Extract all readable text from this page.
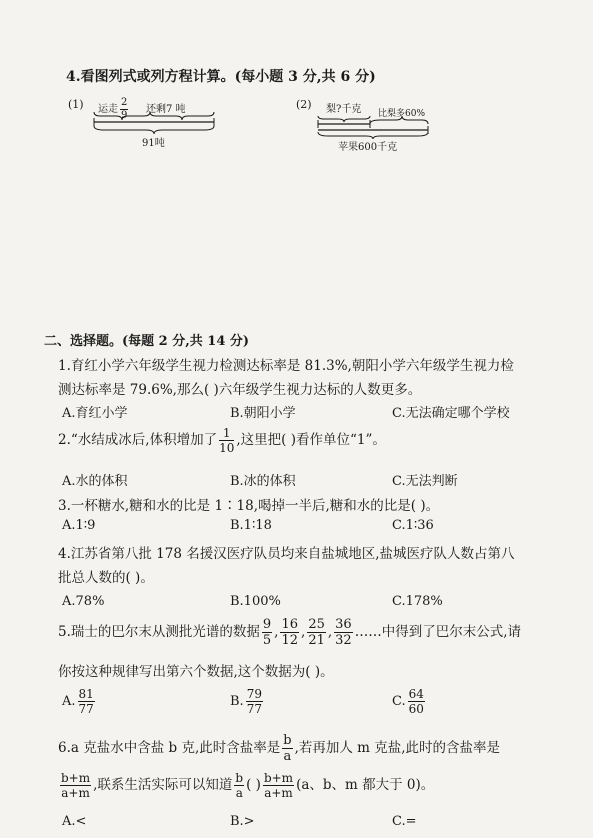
4.看图列式或列方程计算。(每小题 3 分,共 6 分)
(1) 运走 $\frac{2}{9}$ 还剩7 吨
91吨
(2) 梨?千克 比梨多60%
苹果600千克
二、选择题。(每题 2 分,共 14 分)
1.育红小学六年级学生视力检测达标率是 81.3%,朝阳小学六年级学生视力检
测达标率是 79.6%,那么( )六年级学生视力达标的人数更多。
A.育红小学	B.朝阳小学	C.无法确定哪个学校
2.“水结成冰后,体积增加了 $\frac{1}{10}$ ,这里把( )看作单位“1”。
A.水的体积	B.冰的体积	C.无法判断
3.一杯糖水,糖和水的比是 1∶18,喝掉一半后,糖和水的比是( )。
A.1∶9	B.1∶18	C.1∶36
4.江苏省第八批 178 名援汉医疗队员均来自盐城地区,盐城医疗队人数占第八
批总人数的( )。
A.78%	B.100%	C.178%
5.瑞士的巴尔末从测批光谱的数据 $\frac{9}{5}$ , $\frac{16}{12}$ , $\frac{25}{21}$ , $\frac{36}{32}$ ……中得到了巴尔末公式,请
你按这种规律写出第六个数据,这个数据为( )。
A. $\frac{81}{77}$	B. $\frac{79}{77}$	C. $\frac{64}{60}$
6.a 克盐水中含盐 b 克,此时含盐率是 $\frac{b}{a}$ ,若再加人 m 克盐,此时的含盐率是
$\frac{b+m}{a+m}$ ,联系生活实际可以知道 $\frac{b}{a}$ ( ) $\frac{b+m}{a+m} (a$、b、m 都大于 0)。
A.<	B.>	C.=
